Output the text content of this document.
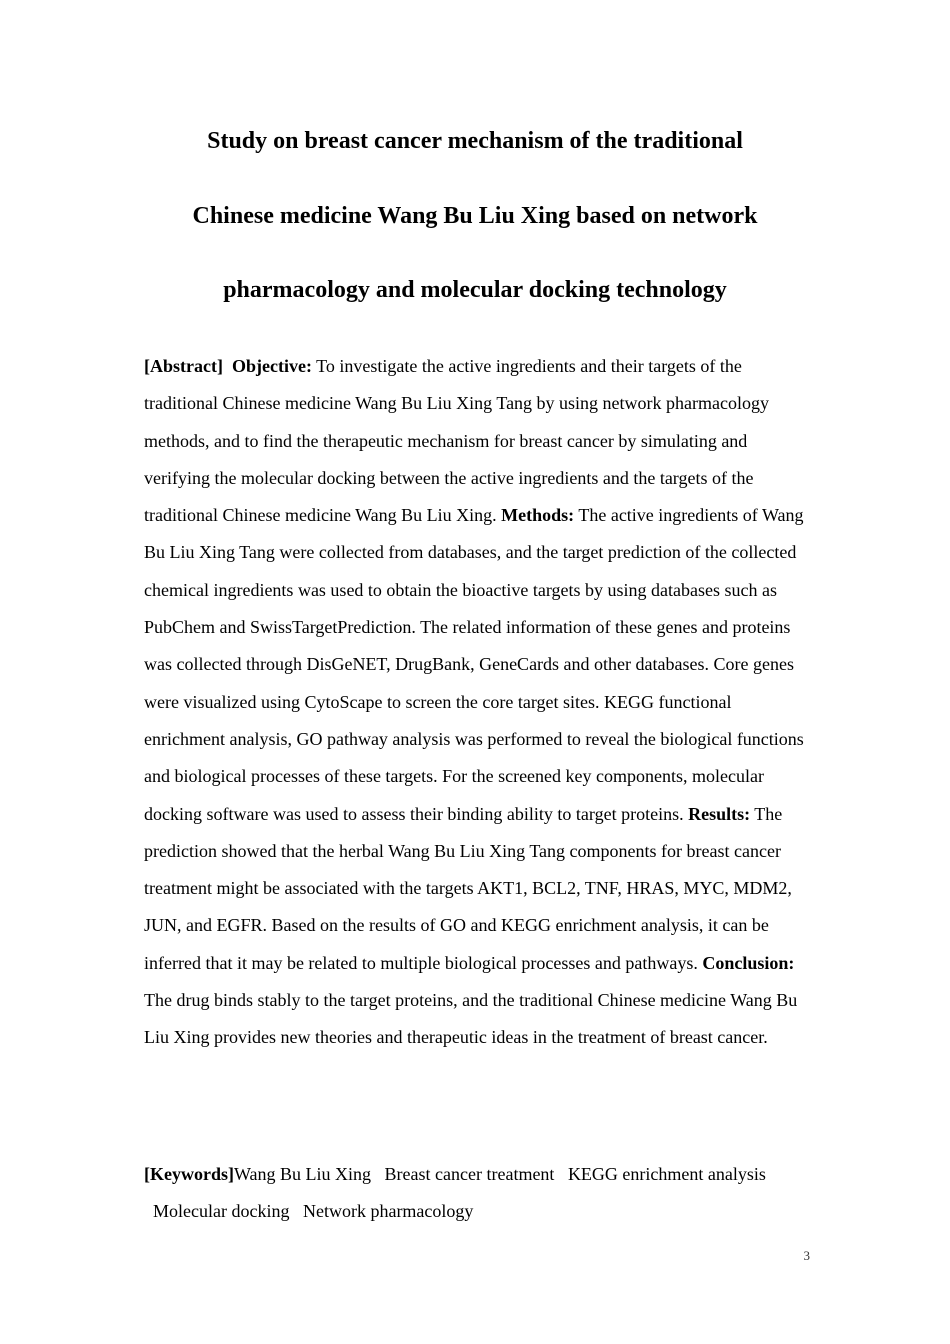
Study on breast cancer mechanism of the traditional
Chinese medicine Wang Bu Liu Xing based on network
pharmacology and molecular docking technology

[Abstract] Objective: To investigate the active ingredients and their targets of the traditional Chinese medicine Wang Bu Liu Xing Tang by using network pharmacology methods, and to find the therapeutic mechanism for breast cancer by simulating and verifying the molecular docking between the active ingredients and the targets of the traditional Chinese medicine Wang Bu Liu Xing. Methods: The active ingredients of Wang Bu Liu Xing Tang were collected from databases, and the target prediction of the collected chemical ingredients was used to obtain the bioactive targets by using databases such as PubChem and SwissTargetPrediction. The related information of these genes and proteins was collected through DisGeNET, DrugBank, GeneCards and other databases. Core genes were visualized using CytoScape to screen the core target sites. KEGG functional enrichment analysis, GO pathway analysis was performed to reveal the biological functions and biological processes of these targets. For the screened key components, molecular docking software was used to assess their binding ability to target proteins. Results: The prediction showed that the herbal Wang Bu Liu Xing Tang components for breast cancer treatment might be associated with the targets AKT1, BCL2, TNF, HRAS, MYC, MDM2, JUN, and EGFR. Based on the results of GO and KEGG enrichment analysis, it can be inferred that it may be related to multiple biological processes and pathways. Conclusion: The drug binds stably to the target proteins, and the traditional Chinese medicine Wang Bu Liu Xing provides new theories and therapeutic ideas in the treatment of breast cancer.

[Keywords]Wang Bu Liu Xing Breast cancer treatment KEGG enrichment analysis Molecular docking Network pharmacology

3
